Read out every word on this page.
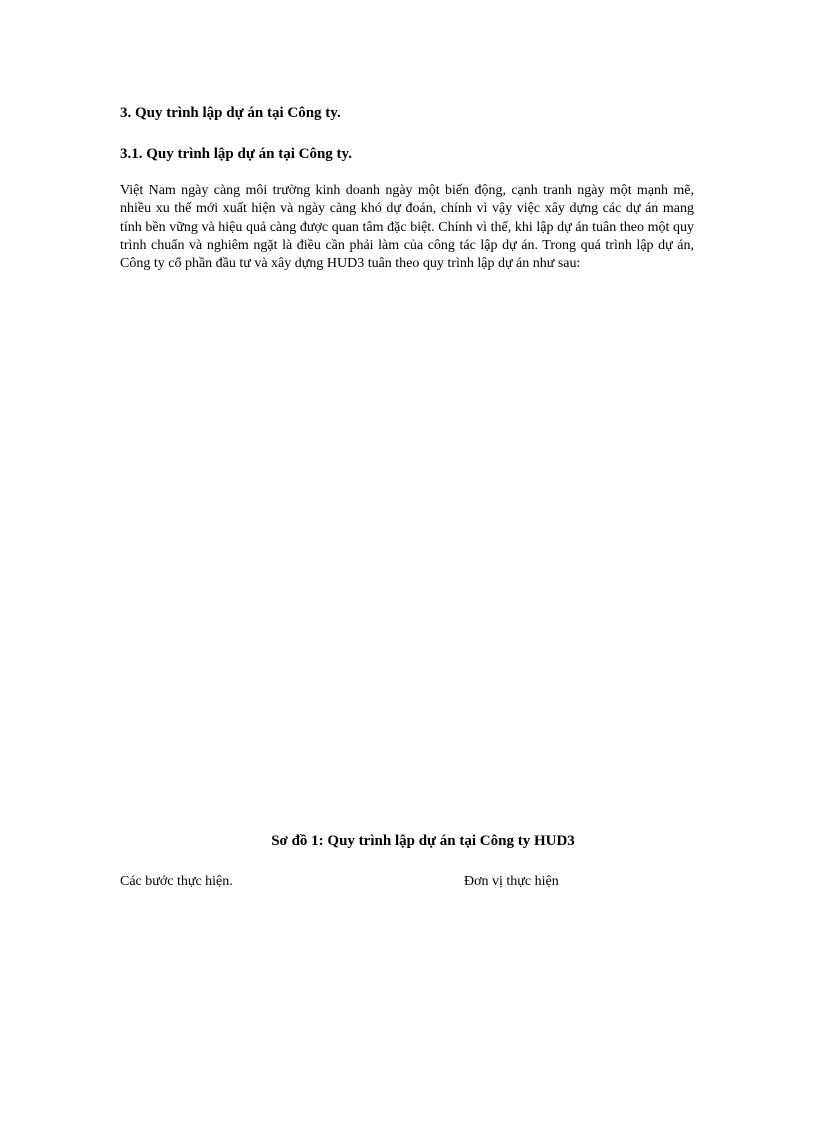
3. Quy trình lập dự án tại Công ty.
3.1. Quy trình lập dự án tại Công ty.

Việt Nam ngày càng môi trường kinh doanh ngày một biến động, cạnh tranh ngày một mạnh mẽ, nhiều xu thế mới xuất hiện và ngày càng khó dự đoán, chính vì vậy việc xây dựng các dự án mang tính bền vững và hiệu quả càng được quan tâm đặc biệt. Chính vì thế, khi lập dự án tuân theo một quy trình chuẩn và nghiêm ngặt là điều cần phải làm của công tác lập dự án. Trong quá trình lập dự án, Công ty cổ phần đầu tư và xây dựng HUD3 tuân theo quy trình lập dự án như sau:

Sơ đồ 1: Quy trình lập dự án tại Công ty HUD3
Các bước thực hiện.	Đơn vị thực hiện
